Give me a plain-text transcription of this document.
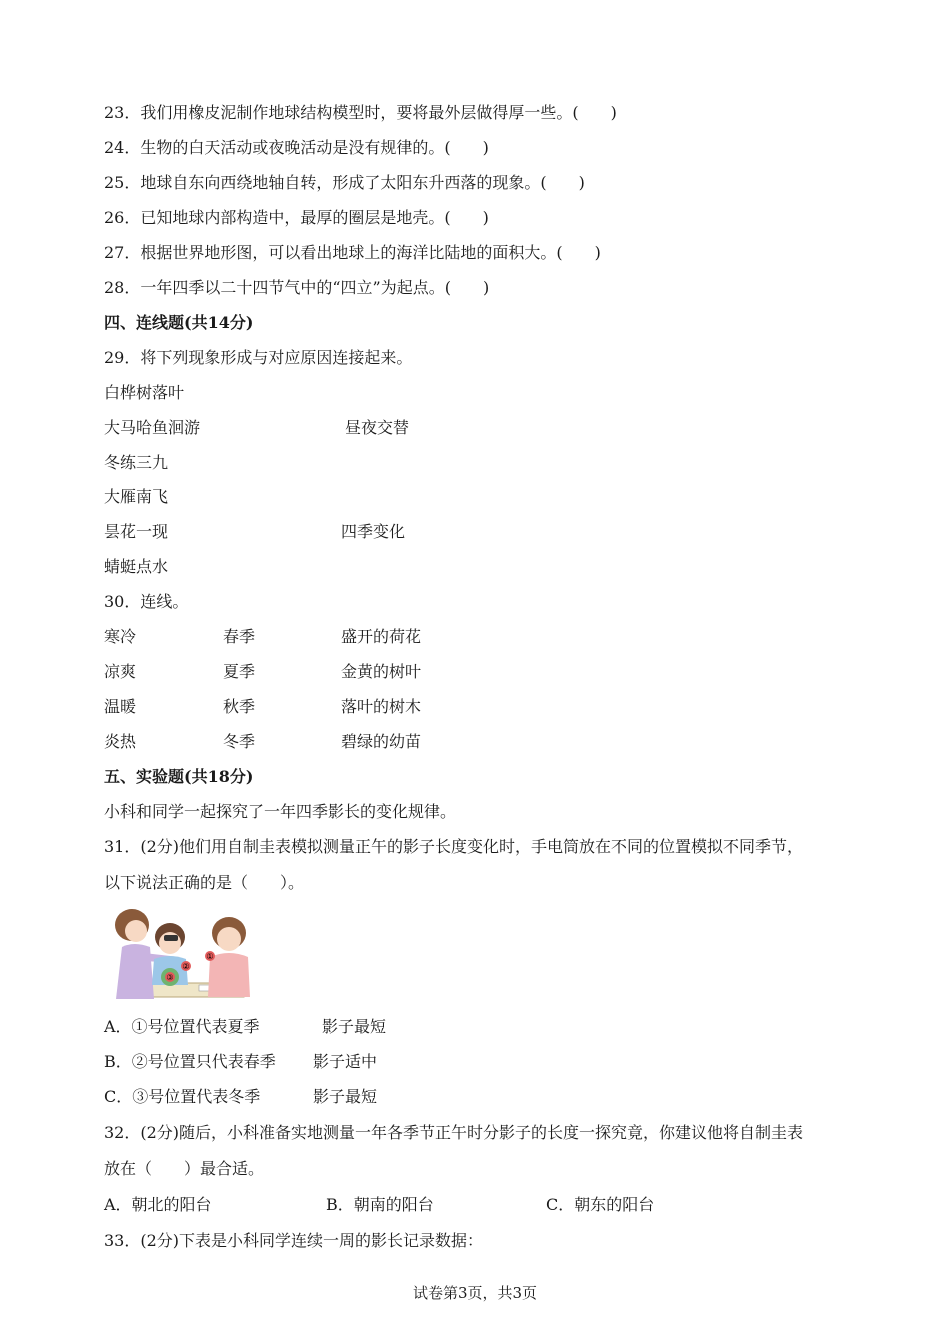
23．我们用橡皮泥制作地球结构模型时，要将最外层做得厚一些。(　　)
24．生物的白天活动或夜晚活动是没有规律的。(　　)
25．地球自东向西绕地轴自转，形成了太阳东升西落的现象。(　　)
26．已知地球内部构造中，最厚的圈层是地壳。(　　)
27．根据世界地形图，可以看出地球上的海洋比陆地的面积大。(　　)
28．一年四季以二十四节气中的“四立”为起点。(　　)
四、连线题(共14分)
29．将下列现象形成与对应原因连接起来。
白桦树落叶
大马哈鱼洄游	昼夜交替
冬练三九
大雁南飞
昙花一现	四季变化
蜻蜓点水
30．连线。
寒冷	春季	盛开的荷花
凉爽	夏季	金黄的树叶
温暖	秋季	落叶的树木
炎热	冬季	碧绿的幼苗
五、实验题(共18分)
小科和同学一起探究了一年四季影长的变化规律。
31．(2分)他们用自制圭表模拟测量正午的影子长度变化时，手电筒放在不同的位置模拟不同季节，
以下说法正确的是（　　）。
①
②
③
A．①号位置代表夏季	影子最短
B．②号位置只代表春季 影子适中
C．③号位置代表冬季	影子最短
32．(2分)随后，小科准备实地测量一年各季节正午时分影子的长度一探究竟，你建议他将自制圭表
放在（　　）最合适。
A．朝北的阳台	B．朝南的阳台	C．朝东的阳台
33．(2分)下表是小科同学连续一周的影长记录数据：
试卷第3页，共3页
